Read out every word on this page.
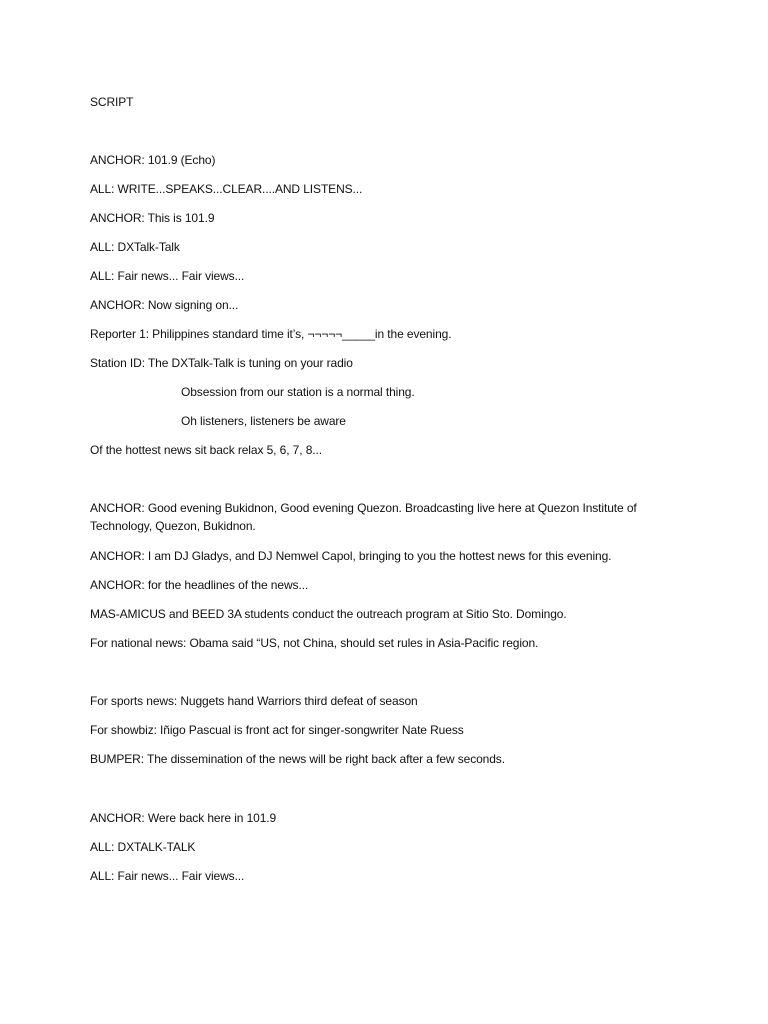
SCRIPT
ANCHOR: 101.9 (Echo)
ALL: WRITE...SPEAKS...CLEAR....AND LISTENS...
ANCHOR: This is 101.9
ALL: DXTalk-Talk
ALL: Fair news... Fair views...
ANCHOR: Now signing on...
Reporter 1: Philippines standard time it’s, ¬¬¬¬¬_____in the evening.
Station ID: The DXTalk-Talk is tuning on your radio
Obsession from our station is a normal thing.
Oh listeners, listeners be aware
Of the hottest news sit back relax 5, 6, 7, 8...
ANCHOR: Good evening Bukidnon, Good evening Quezon. Broadcasting live here at Quezon Institute of Technology, Quezon, Bukidnon.
ANCHOR: I am DJ Gladys, and DJ Nemwel Capol, bringing to you the hottest news for this evening.
ANCHOR: for the headlines of the news...
MAS-AMICUS and BEED 3A students conduct the outreach program at Sitio Sto. Domingo.
For national news: Obama said “US, not China, should set rules in Asia-Pacific region.
For sports news: Nuggets hand Warriors third defeat of season
For showbiz: Iñigo Pascual is front act for singer-songwriter Nate Ruess
BUMPER: The dissemination of the news will be right back after a few seconds.
ANCHOR: Were back here in 101.9
ALL: DXTALK-TALK
ALL: Fair news... Fair views...
